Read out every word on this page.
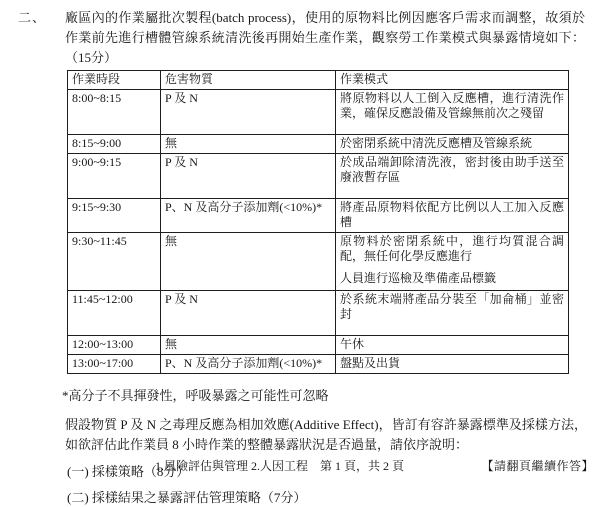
二、	廠區內的作業屬批次製程(batch process)，使用的原物料比例因應客戶需求而調整，故須於作業前先進行槽體管線系統清洗後再開始生產作業，觀察勞工作業模式與暴露情境如下：（15分）
作業時段	危害物質	作業模式
8:00~8:15	P 及 N	將原物料以人工倒入反應槽，進行清洗作業，確保反應設備及管線無前次之殘留

8:15~9:00	無	於密閉系統中清洗反應槽及管線系統

9:00~9:15	P 及 N	於成品端卸除清洗液，密封後由助手送至廢液暫存區

9:15~9:30	P、N 及高分子添加劑(<10%)*	將產品原物料依配方比例以人工加入反應槽

9:30~11:45	無	原物料於密閉系統中，進行均質混合調配，無任何化學反應進行
人員進行巡檢及準備產品標籤

11:45~12:00	P 及 N	於系統末端將產品分裝至「加侖桶」並密封

12:00~13:00	無	午休

13:00~17:00	P、N 及高分子添加劑(<10%)*	盤點及出貨
*高分子不具揮發性，呼吸暴露之可能性可忽略
假設物質 P 及 N 之毒理反應為相加效應(Additive Effect)，皆訂有容許暴露標準及採樣方法，如欲評估此作業員 8 小時作業的整體暴露狀況是否過量，請依序說明：
(一) 採樣策略（8分）
(二) 採樣結果之暴露評估管理策略（7分）
1.風險評估與管理 2.人因工程　第 1 頁，共 2 頁	【請翻頁繼續作答】
